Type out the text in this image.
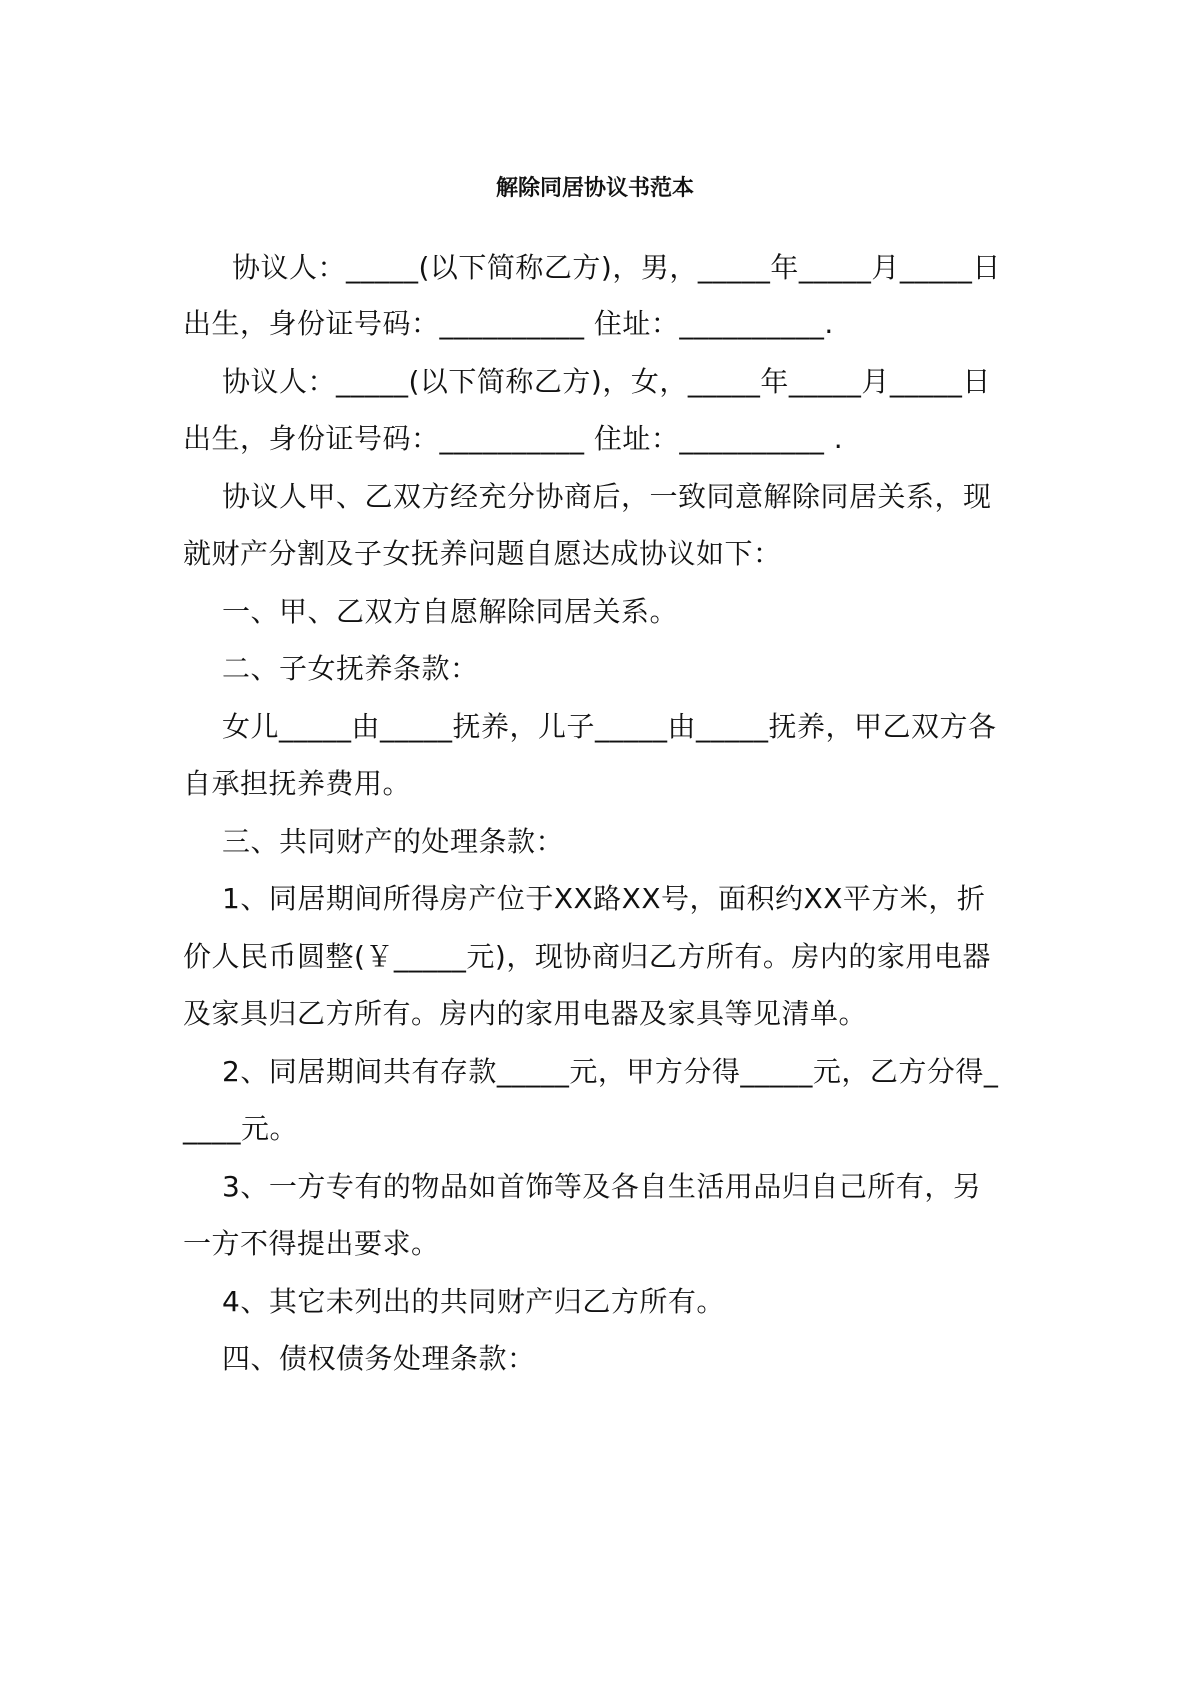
解除同居协议书范本
协议人：_____(以下简称乙方)，男，_____年_____月_____日
出生，身份证号码：__________ 住址：__________.
协议人：_____(以下简称乙方)，女，_____年_____月_____日
出生，身份证号码：__________ 住址：__________ .
协议人甲、乙双方经充分协商后，一致同意解除同居关系，现
就财产分割及子女抚养问题自愿达成协议如下：
一、甲、乙双方自愿解除同居关系。
二、子女抚养条款：
女儿_____由_____抚养，儿子_____由_____抚养，甲乙双方各
自承担抚养费用。
三、共同财产的处理条款：
1、同居期间所得房产位于XX路XX号，面积约XX平方米，折
价人民币圆整(￥_____元)，现协商归乙方所有。房内的家用电器
及家具归乙方所有。房内的家用电器及家具等见清单。
2、同居期间共有存款_____元，甲方分得_____元，乙方分得_
____元。
3、一方专有的物品如首饰等及各自生活用品归自己所有，另
一方不得提出要求。
4、其它未列出的共同财产归乙方所有。
四、债权债务处理条款：
